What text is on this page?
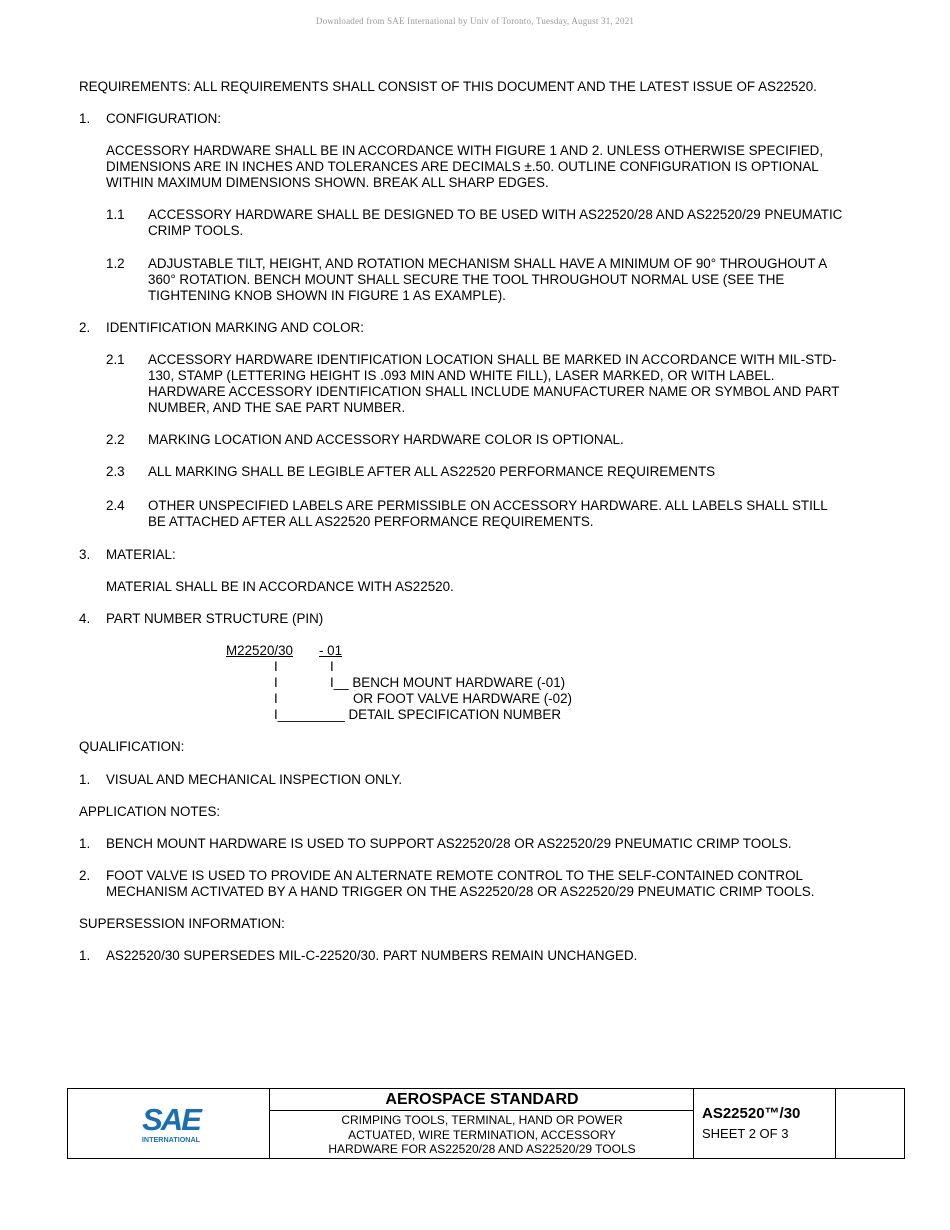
Downloaded from SAE International by Univ of Toronto, Tuesday, August 31, 2021
REQUIREMENTS: ALL REQUIREMENTS SHALL CONSIST OF THIS DOCUMENT AND THE LATEST ISSUE OF AS22520.
1. CONFIGURATION:
ACCESSORY HARDWARE SHALL BE IN ACCORDANCE WITH FIGURE 1 AND 2. UNLESS OTHERWISE SPECIFIED,
DIMENSIONS ARE IN INCHES AND TOLERANCES ARE DECIMALS ±.50. OUTLINE CONFIGURATION IS OPTIONAL
WITHIN MAXIMUM DIMENSIONS SHOWN. BREAK ALL SHARP EDGES.
1.1 ACCESSORY HARDWARE SHALL BE DESIGNED TO BE USED WITH AS22520/28 AND AS22520/29 PNEUMATIC
CRIMP TOOLS.
1.2 ADJUSTABLE TILT, HEIGHT, AND ROTATION MECHANISM SHALL HAVE A MINIMUM OF 90° THROUGHOUT A
360° ROTATION. BENCH MOUNT SHALL SECURE THE TOOL THROUGHOUT NORMAL USE (SEE THE
TIGHTENING KNOB SHOWN IN FIGURE 1 AS EXAMPLE).
2. IDENTIFICATION MARKING AND COLOR:
2.1 ACCESSORY HARDWARE IDENTIFICATION LOCATION SHALL BE MARKED IN ACCORDANCE WITH MIL-STD-
130, STAMP (LETTERING HEIGHT IS .093 MIN AND WHITE FILL), LASER MARKED, OR WITH LABEL.
HARDWARE ACCESSORY IDENTIFICATION SHALL INCLUDE MANUFACTURER NAME OR SYMBOL AND PART
NUMBER, AND THE SAE PART NUMBER.
2.2 MARKING LOCATION AND ACCESSORY HARDWARE COLOR IS OPTIONAL.
2.3 ALL MARKING SHALL BE LEGIBLE AFTER ALL AS22520 PERFORMANCE REQUIREMENTS
2.4 OTHER UNSPECIFIED LABELS ARE PERMISSIBLE ON ACCESSORY HARDWARE. ALL LABELS SHALL STILL
BE ATTACHED AFTER ALL AS22520 PERFORMANCE REQUIREMENTS.
3. MATERIAL:
MATERIAL SHALL BE IN ACCORDANCE WITH AS22520.
4. PART NUMBER STRUCTURE (PIN)
M22520/30 - 01
I	I
I	I__ BENCH MOUNT HARDWARE (-01)
I	OR FOOT VALVE HARDWARE (-02)
I_________ DETAIL SPECIFICATION NUMBER
QUALIFICATION:
1. VISUAL AND MECHANICAL INSPECTION ONLY.
APPLICATION NOTES:
1. BENCH MOUNT HARDWARE IS USED TO SUPPORT AS22520/28 OR AS22520/29 PNEUMATIC CRIMP TOOLS.
2. FOOT VALVE IS USED TO PROVIDE AN ALTERNATE REMOTE CONTROL TO THE SELF-CONTAINED CONTROL
MECHANISM ACTIVATED BY A HAND TRIGGER ON THE AS22520/28 OR AS22520/29 PNEUMATIC CRIMP TOOLS.
SUPERSESSION INFORMATION:
1. AS22520/30 SUPERSEDES MIL-C-22520/30. PART NUMBERS REMAIN UNCHANGED.
SAE
INTERNATIONAL
AEROSPACE STANDARD
CRIMPING TOOLS, TERMINAL, HAND OR POWER
ACTUATED, WIRE TERMINATION, ACCESSORY
HARDWARE FOR AS22520/28 AND AS22520/29 TOOLS
AS22520™/30
SHEET 2 OF 3
